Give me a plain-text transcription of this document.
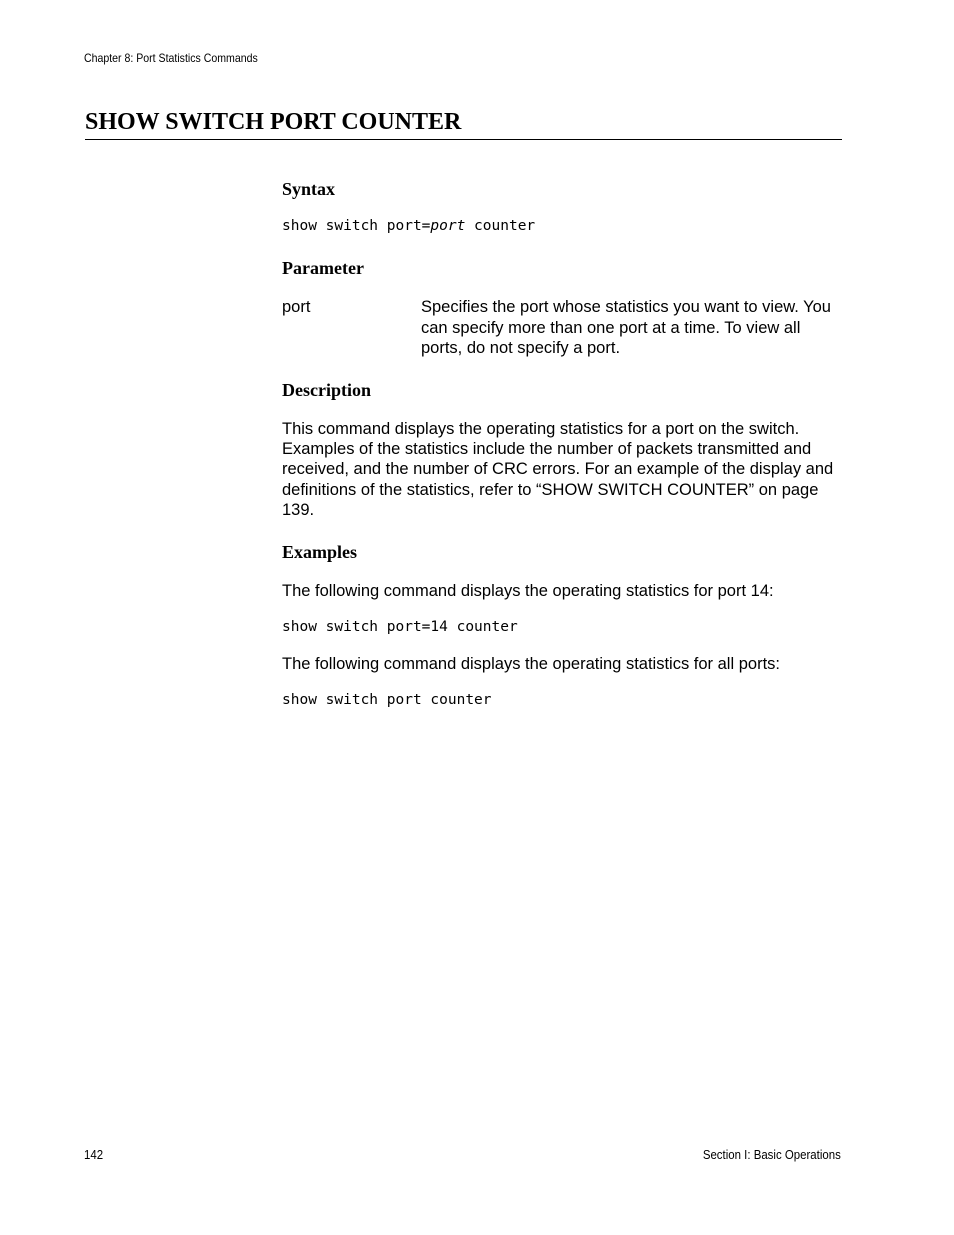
Chapter 8: Port Statistics Commands
SHOW SWITCH PORT COUNTER
Syntax
show switch port=port counter
Parameter
port	Specifies the port whose statistics you want to view. You can specify more than one port at a time. To view all ports, do not specify a port.
Description

This command displays the operating statistics for a port on the switch. Examples of the statistics include the number of packets transmitted and received, and the number of CRC errors. For an example of the display and definitions of the statistics, refer to “SHOW SWITCH COUNTER” on page 139.

Examples

The following command displays the operating statistics for port 14:

show switch port=14 counter

The following command displays the operating statistics for all ports:

show switch port counter
142	Section I: Basic Operations
